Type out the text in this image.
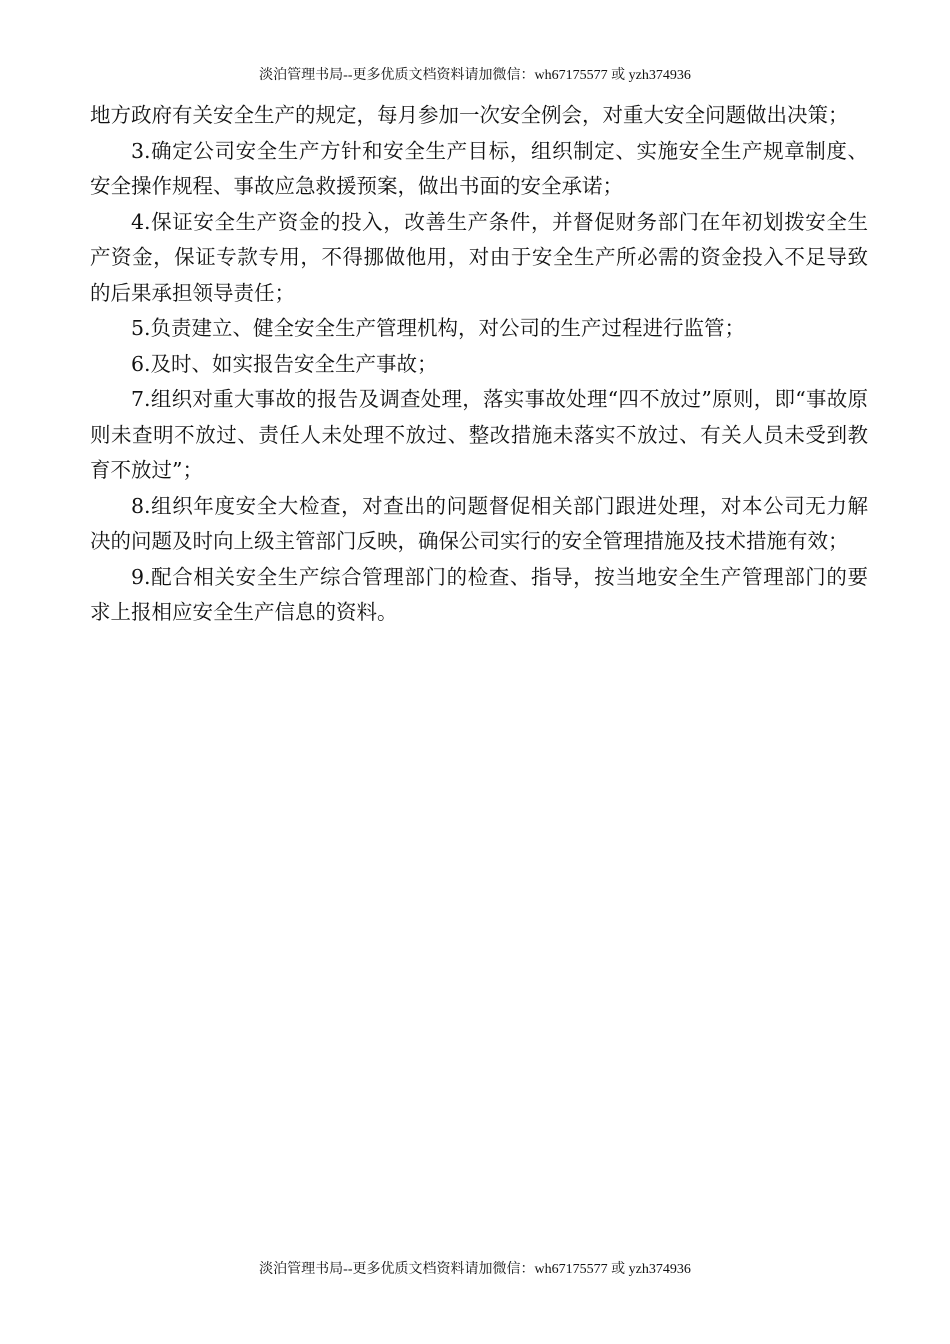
淡泊管理书局--更多优质文档资料请加微信：wh67175577 或 yzh374936

地方政府有关安全生产的规定，每月参加一次安全例会，对重大安全问题做出决策；

3.确定公司安全生产方针和安全生产目标，组织制定、实施安全生产规章制度、安全操作规程、事故应急救援预案，做出书面的安全承诺；

4.保证安全生产资金的投入，改善生产条件，并督促财务部门在年初划拨安全生产资金，保证专款专用，不得挪做他用，对由于安全生产所必需的资金投入不足导致的后果承担领导责任；

5.负责建立、健全安全生产管理机构，对公司的生产过程进行监管；

6.及时、如实报告安全生产事故；

7.组织对重大事故的报告及调查处理，落实事故处理“四不放过”原则，即“事故原则未查明不放过、责任人未处理不放过、整改措施未落实不放过、有关人员未受到教育不放过”；

8.组织年度安全大检查，对查出的问题督促相关部门跟进处理，对本公司无力解决的问题及时向上级主管部门反映，确保公司实行的安全管理措施及技术措施有效；

9.配合相关安全生产综合管理部门的检查、指导，按当地安全生产管理部门的要求上报相应安全生产信息的资料。

淡泊管理书局--更多优质文档资料请加微信：wh67175577 或 yzh374936
